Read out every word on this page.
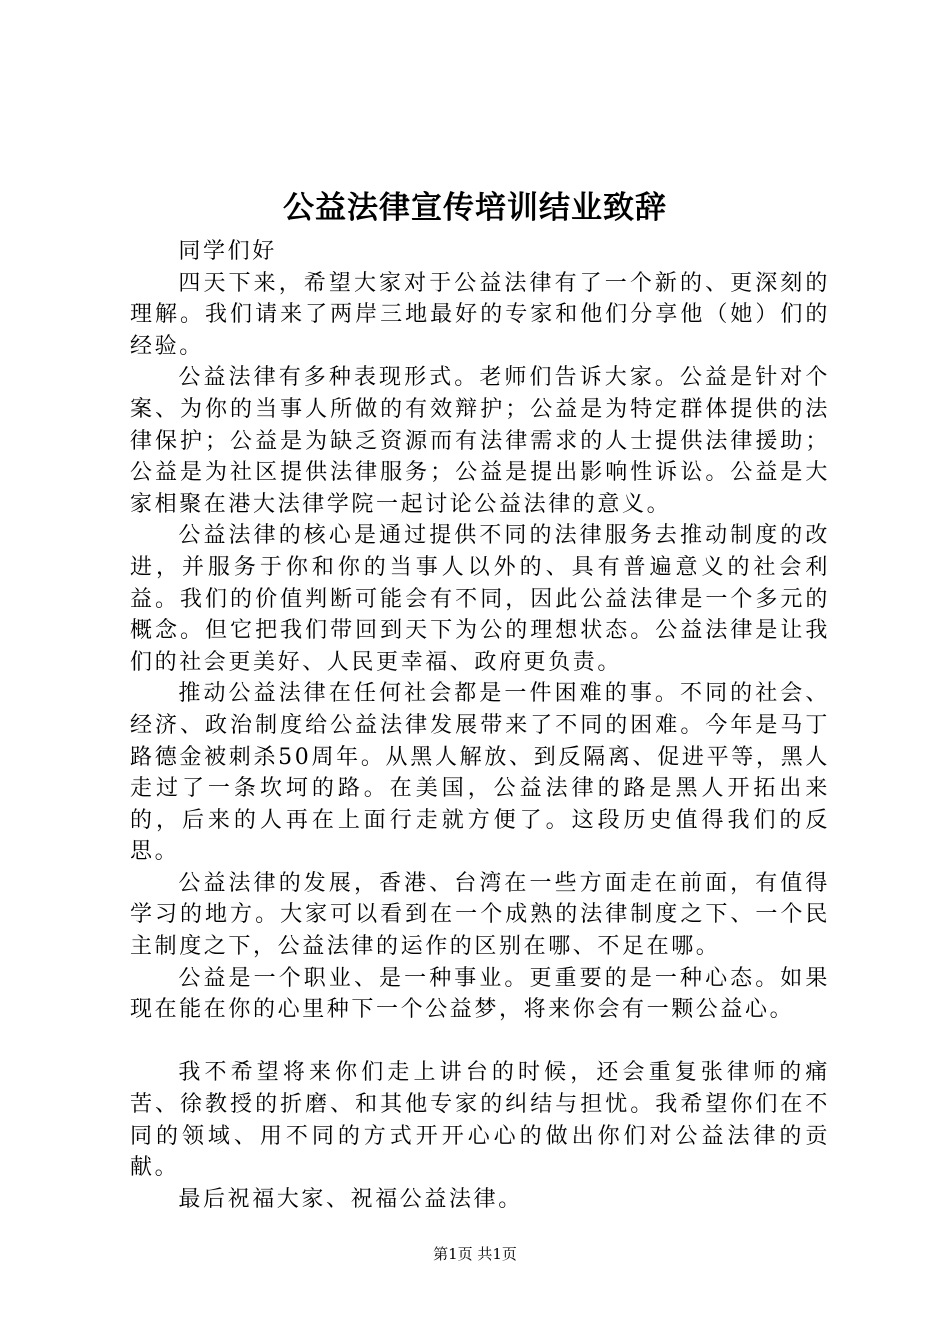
公益法律宣传培训结业致辞

同学们好

四天下来，希望大家对于公益法律有了一个新的、更深刻的理解。我们请来了两岸三地最好的专家和他们分享他（她）们的经验。

公益法律有多种表现形式。老师们告诉大家。公益是针对个案、为你的当事人所做的有效辩护；公益是为特定群体提供的法律保护；公益是为缺乏资源而有法律需求的人士提供法律援助；公益是为社区提供法律服务；公益是提出影响性诉讼。公益是大家相聚在港大法律学院一起讨论公益法律的意义。

公益法律的核心是通过提供不同的法律服务去推动制度的改进，并服务于你和你的当事人以外的、具有普遍意义的社会利益。我们的价值判断可能会有不同，因此公益法律是一个多元的概念。但它把我们带回到天下为公的理想状态。公益法律是让我们的社会更美好、人民更幸福、政府更负责。

推动公益法律在任何社会都是一件困难的事。不同的社会、经济、政治制度给公益法律发展带来了不同的困难。今年是马丁路德金被刺杀50周年。从黑人解放、到反隔离、促进平等，黑人走过了一条坎坷的路。在美国，公益法律的路是黑人开拓出来的，后来的人再在上面行走就方便了。这段历史值得我们的反思。

公益法律的发展，香港、台湾在一些方面走在前面，有值得学习的地方。大家可以看到在一个成熟的法律制度之下、一个民主制度之下，公益法律的运作的区别在哪、不足在哪。

公益是一个职业、是一种事业。更重要的是一种心态。如果现在能在你的心里种下一个公益梦，将来你会有一颗公益心。

我不希望将来你们走上讲台的时候，还会重复张律师的痛苦、徐教授的折磨、和其他专家的纠结与担忧。我希望你们在不同的领域、用不同的方式开开心心的做出你们对公益法律的贡献。

最后祝福大家、祝福公益法律。

第1页 共1页
